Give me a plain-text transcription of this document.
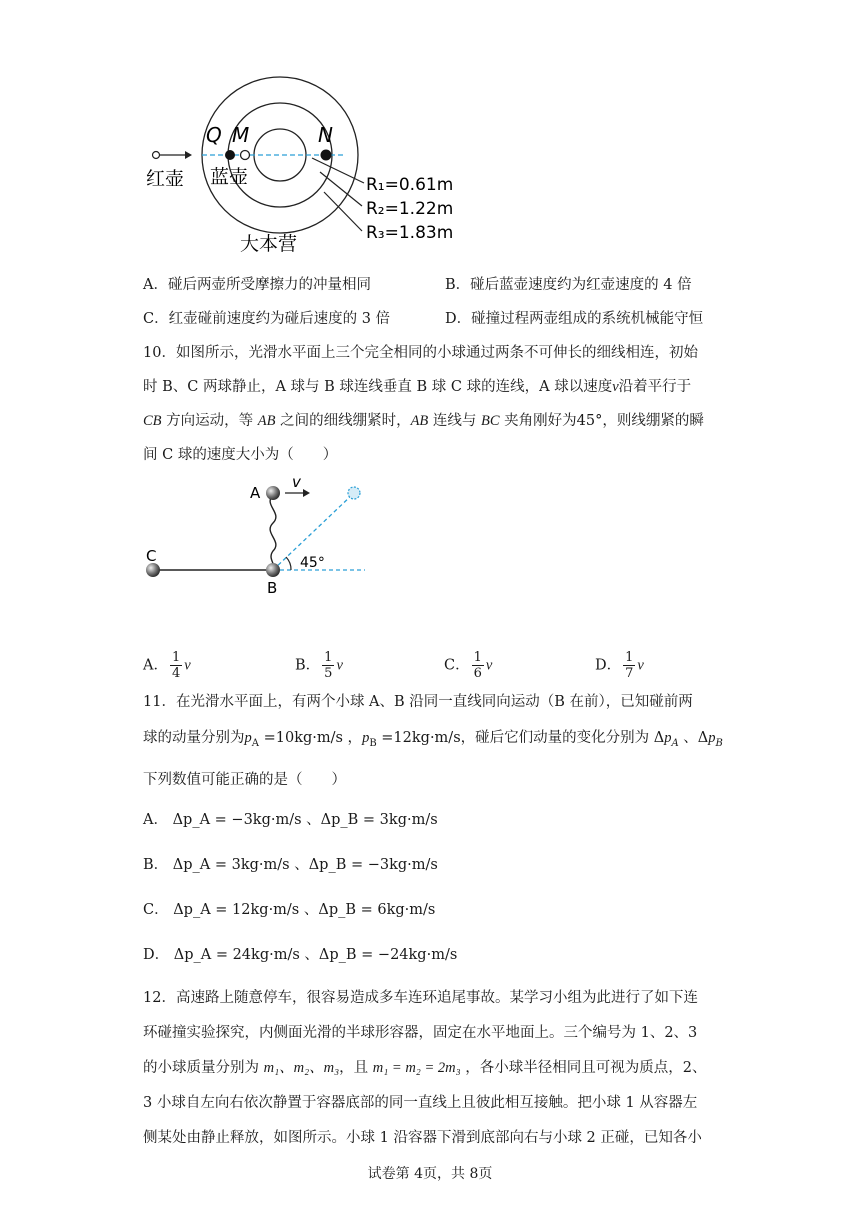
Q M	N
红壶 蓝壶
大本营
R₁=0.61m
R₂=1.22m
R₃=1.83m
A．碰后两壶所受摩擦力的冲量相同	B．碰后蓝壶速度约为红壶速度的 4 倍
C．红壶碰前速度约为碰后速度的 3 倍	D．碰撞过程两壶组成的系统机械能守恒
10．如图所示，光滑水平面上三个完全相同的小球通过两条不可伸长的细线相连，初始
时 B、C 两球静止，A 球与 B 球连线垂直 B 球 C 球的连线，A 球以速度v沿着平行于
CB 方向运动，等 AB 之间的细线绷紧时，AB 连线与 BC 夹角刚好为45°，则线绷紧的瞬
间 C 球的速度大小为（　　）
A
B
C
v
45°
A． $\frac{1}{4}$ v	B． $\frac{1}{5}$ v	C． $\frac{1}{6}$ v	D． $\frac{1}{7}$ v
11．在光滑水平面上，有两个小球 A、B 沿同一直线同向运动（B 在前），已知碰前两
球的动量分别为$p_A =10kg\cdot m/s$ ，$p_B =12kg\cdot m/s$，碰后它们动量的变化分别为 $\Delta p_A$ 、$\Delta p_B$
下列数值可能正确的是（　　）
A． Δp_A = −3kg·m/s 、Δp_B = 3kg·m/s
B． Δp_A = 3kg·m/s 、Δp_B = −3kg·m/s
C． Δp_A = 12kg·m/s 、Δp_B = 6kg·m/s
D． Δp_A = 24kg·m/s 、Δp_B = −24kg·m/s
12．高速路上随意停车，很容易造成多车连环追尾事故。某学习小组为此进行了如下连
环碰撞实验探究，内侧面光滑的半球形容器，固定在水平地面上。三个编号为 1、2、3
的小球质量分别为 m₁、m₂、m₃，且 m₁ = m₂ = 2m₃ ，各小球半径相同且可视为质点，2、
3 小球自左向右依次静置于容器底部的同一直线上且彼此相互接触。把小球 1 从容器左
侧某处由静止释放，如图所示。小球 1 沿容器下滑到底部向右与小球 2 正碰，已知各小
试卷第 4页，共 8页
